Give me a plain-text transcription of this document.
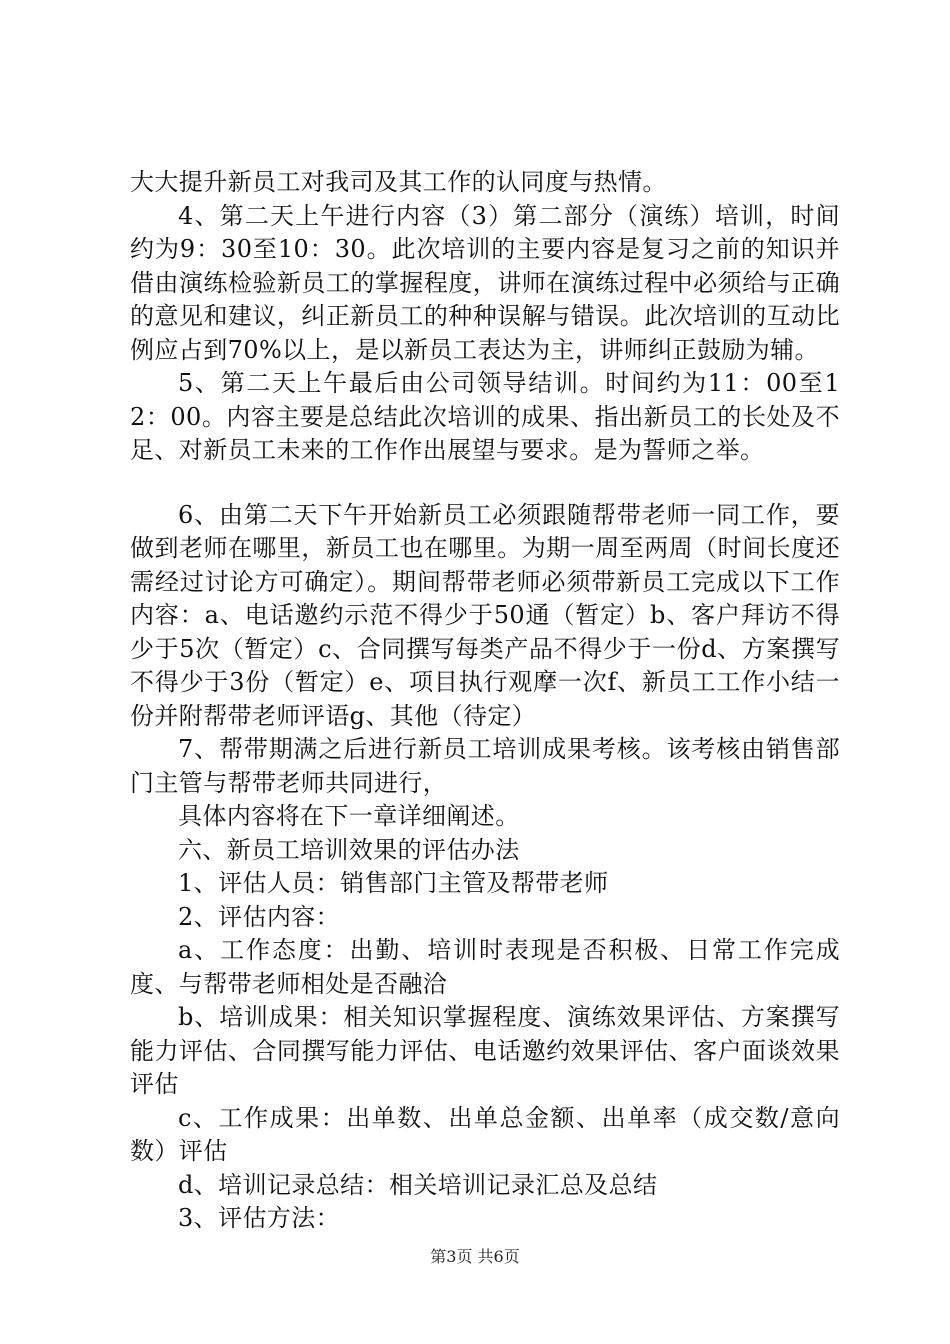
大大提升新员工对我司及其工作的认同度与热情。

4、第二天上午进行内容（3）第二部分（演练）培训，时间约为9：30至10：30。此次培训的主要内容是复习之前的知识并借由演练检验新员工的掌握程度，讲师在演练过程中必须给与正确的意见和建议，纠正新员工的种种误解与错误。此次培训的互动比例应占到70%以上，是以新员工表达为主，讲师纠正鼓励为辅。

5、第二天上午最后由公司领导结训。时间约为11：00至12：00。内容主要是总结此次培训的成果、指出新员工的长处及不足、对新员工未来的工作作出展望与要求。是为誓师之举。

6、由第二天下午开始新员工必须跟随帮带老师一同工作，要做到老师在哪里，新员工也在哪里。为期一周至两周（时间长度还需经过讨论方可确定）。期间帮带老师必须带新员工完成以下工作内容：a、电话邀约示范不得少于50通（暂定）b、客户拜访不得少于5次（暂定）c、合同撰写每类产品不得少于一份d、方案撰写不得少于3份（暂定）e、项目执行观摩一次f、新员工工作小结一份并附帮带老师评语g、其他（待定）

7、帮带期满之后进行新员工培训成果考核。该考核由销售部门主管与帮带老师共同进行，

具体内容将在下一章详细阐述。

六、新员工培训效果的评估办法

1、评估人员：销售部门主管及帮带老师

2、评估内容：

a、工作态度：出勤、培训时表现是否积极、日常工作完成度、与帮带老师相处是否融洽

b、培训成果：相关知识掌握程度、演练效果评估、方案撰写能力评估、合同撰写能力评估、电话邀约效果评估、客户面谈效果评估

c、工作成果：出单数、出单总金额、出单率（成交数/意向数）评估

d、培训记录总结：相关培训记录汇总及总结

3、评估方法：

第3页 共6页
